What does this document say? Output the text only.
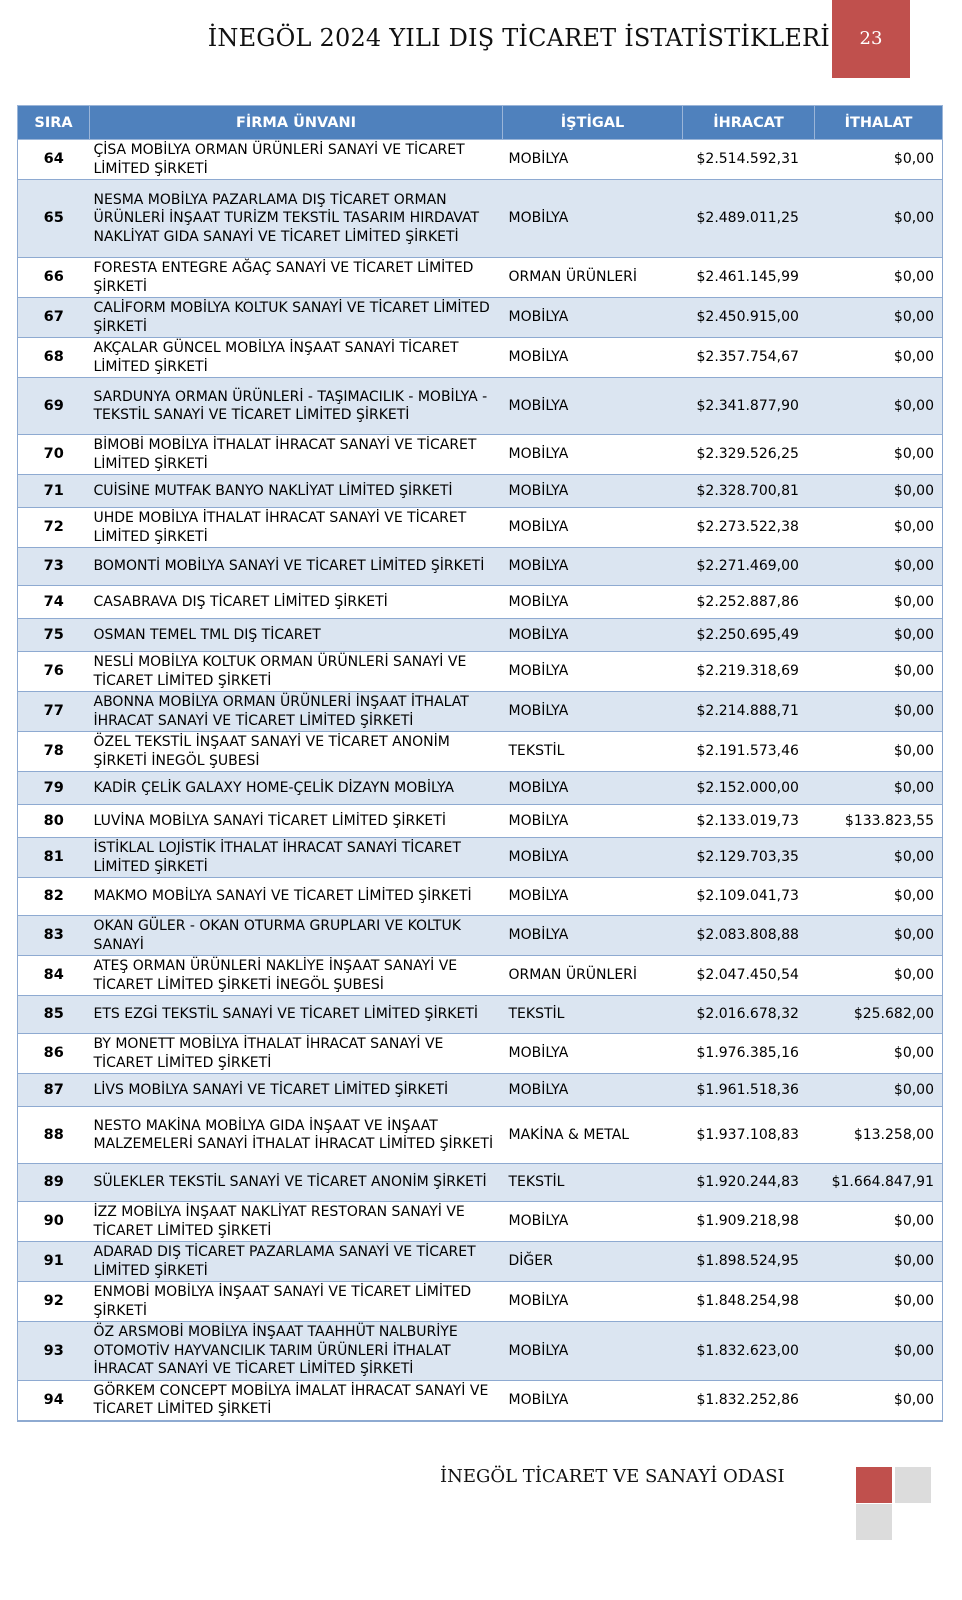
İNEGÖL 2024 YILI DIŞ TİCARET İSTATİSTİKLERİ	23
SIRA	FİRMA ÜNVANI	İŞTİGAL	İHRACAT	İTHALAT
64	ÇİSA MOBİLYA ORMAN ÜRÜNLERİ SANAYİ VE TİCARET LİMİTED ŞİRKETİ	MOBİLYA	$2.514.592,31	$0,00
65	NESMA MOBİLYA PAZARLAMA DIŞ TİCARET ORMAN ÜRÜNLERİ İNŞAAT TURİZM TEKSTİL TASARIM HIRDAVAT NAKLİYAT GIDA SANAYİ VE TİCARET LİMİTED ŞİRKETİ	MOBİLYA	$2.489.011,25	$0,00
66	FORESTA ENTEGRE AĞAÇ SANAYİ VE TİCARET LİMİTED ŞİRKETİ	ORMAN ÜRÜNLERİ	$2.461.145,99	$0,00
67	CALİFORM MOBİLYA KOLTUK SANAYİ VE TİCARET LİMİTED ŞİRKETİ	MOBİLYA	$2.450.915,00	$0,00
68	AKÇALAR GÜNCEL MOBİLYA İNŞAAT SANAYİ TİCARET LİMİTED ŞİRKETİ	MOBİLYA	$2.357.754,67	$0,00
69	SARDUNYA ORMAN ÜRÜNLERİ - TAŞIMACILIK - MOBİLYA - TEKSTİL SANAYİ VE TİCARET LİMİTED ŞİRKETİ	MOBİLYA	$2.341.877,90	$0,00
70	BİMOBİ MOBİLYA İTHALAT İHRACAT SANAYİ VE TİCARET LİMİTED ŞİRKETİ	MOBİLYA	$2.329.526,25	$0,00
71	CUİSİNE MUTFAK BANYO NAKLİYAT LİMİTED ŞİRKETİ	MOBİLYA	$2.328.700,81	$0,00
72	UHDE MOBİLYA İTHALAT İHRACAT SANAYİ VE TİCARET LİMİTED ŞİRKETİ	MOBİLYA	$2.273.522,38	$0,00
73	BOMONTİ MOBİLYA SANAYİ VE TİCARET LİMİTED ŞİRKETİ	MOBİLYA	$2.271.469,00	$0,00
74	CASABRAVA DIŞ TİCARET LİMİTED ŞİRKETİ	MOBİLYA	$2.252.887,86	$0,00
75	OSMAN TEMEL TML DIŞ TİCARET	MOBİLYA	$2.250.695,49	$0,00
76	NESLİ MOBİLYA KOLTUK ORMAN ÜRÜNLERİ SANAYİ VE TİCARET LİMİTED ŞİRKETİ	MOBİLYA	$2.219.318,69	$0,00
77	ABONNA MOBİLYA ORMAN ÜRÜNLERİ İNŞAAT İTHALAT İHRACAT SANAYİ VE TİCARET LİMİTED ŞİRKETİ	MOBİLYA	$2.214.888,71	$0,00
78	ÖZEL TEKSTİL İNŞAAT SANAYİ VE TİCARET ANONİM ŞİRKETİ İNEGÖL ŞUBESİ	TEKSTİL	$2.191.573,46	$0,00
79	KADİR ÇELİK GALAXY HOME-ÇELİK DİZAYN MOBİLYA	MOBİLYA	$2.152.000,00	$0,00
80	LUVİNA MOBİLYA SANAYİ TİCARET LİMİTED ŞİRKETİ	MOBİLYA	$2.133.019,73	$133.823,55
81	İSTİKLAL LOJİSTİK İTHALAT İHRACAT SANAYİ TİCARET LİMİTED ŞİRKETİ	MOBİLYA	$2.129.703,35	$0,00
82	MAKMO MOBİLYA SANAYİ VE TİCARET LİMİTED ŞİRKETİ	MOBİLYA	$2.109.041,73	$0,00
83	OKAN GÜLER - OKAN OTURMA GRUPLARI VE KOLTUK SANAYİ	MOBİLYA	$2.083.808,88	$0,00
84	ATEŞ ORMAN ÜRÜNLERİ NAKLİYE İNŞAAT SANAYİ VE TİCARET LİMİTED ŞİRKETİ İNEGÖL ŞUBESİ	ORMAN ÜRÜNLERİ	$2.047.450,54	$0,00
85	ETS EZGİ TEKSTİL SANAYİ VE TİCARET LİMİTED ŞİRKETİ	TEKSTİL	$2.016.678,32	$25.682,00
86	BY MONETT MOBİLYA İTHALAT İHRACAT SANAYİ VE TİCARET LİMİTED ŞİRKETİ	MOBİLYA	$1.976.385,16	$0,00
87	LİVS MOBİLYA SANAYİ VE TİCARET LİMİTED ŞİRKETİ	MOBİLYA	$1.961.518,36	$0,00
88	NESTO MAKİNA MOBİLYA GIDA İNŞAAT VE İNŞAAT MALZEMELERİ SANAYİ İTHALAT İHRACAT LİMİTED ŞİRKETİ	MAKİNA & METAL	$1.937.108,83	$13.258,00
89	SÜLEKLER TEKSTİL SANAYİ VE TİCARET ANONİM ŞİRKETİ	TEKSTİL	$1.920.244,83	$1.664.847,91
90	İZZ MOBİLYA İNŞAAT NAKLİYAT RESTORAN SANAYİ VE TİCARET LİMİTED ŞİRKETİ	MOBİLYA	$1.909.218,98	$0,00
91	ADARAD DIŞ TİCARET PAZARLAMA SANAYİ VE TİCARET LİMİTED ŞİRKETİ	DİĞER	$1.898.524,95	$0,00
92	ENMOBİ MOBİLYA İNŞAAT SANAYİ VE TİCARET LİMİTED ŞİRKETİ	MOBİLYA	$1.848.254,98	$0,00
93	ÖZ ARSMOBİ MOBİLYA İNŞAAT TAAHHÜT NALBURİYE OTOMOTİV HAYVANCILIK TARIM ÜRÜNLERİ İTHALAT İHRACAT SANAYİ VE TİCARET LİMİTED ŞİRKETİ	MOBİLYA	$1.832.623,00	$0,00
94	GÖRKEM CONCEPT MOBİLYA İMALAT İHRACAT SANAYİ VE TİCARET LİMİTED ŞİRKETİ	MOBİLYA	$1.832.252,86	$0,00
İNEGÖL TİCARET VE SANAYİ ODASI
